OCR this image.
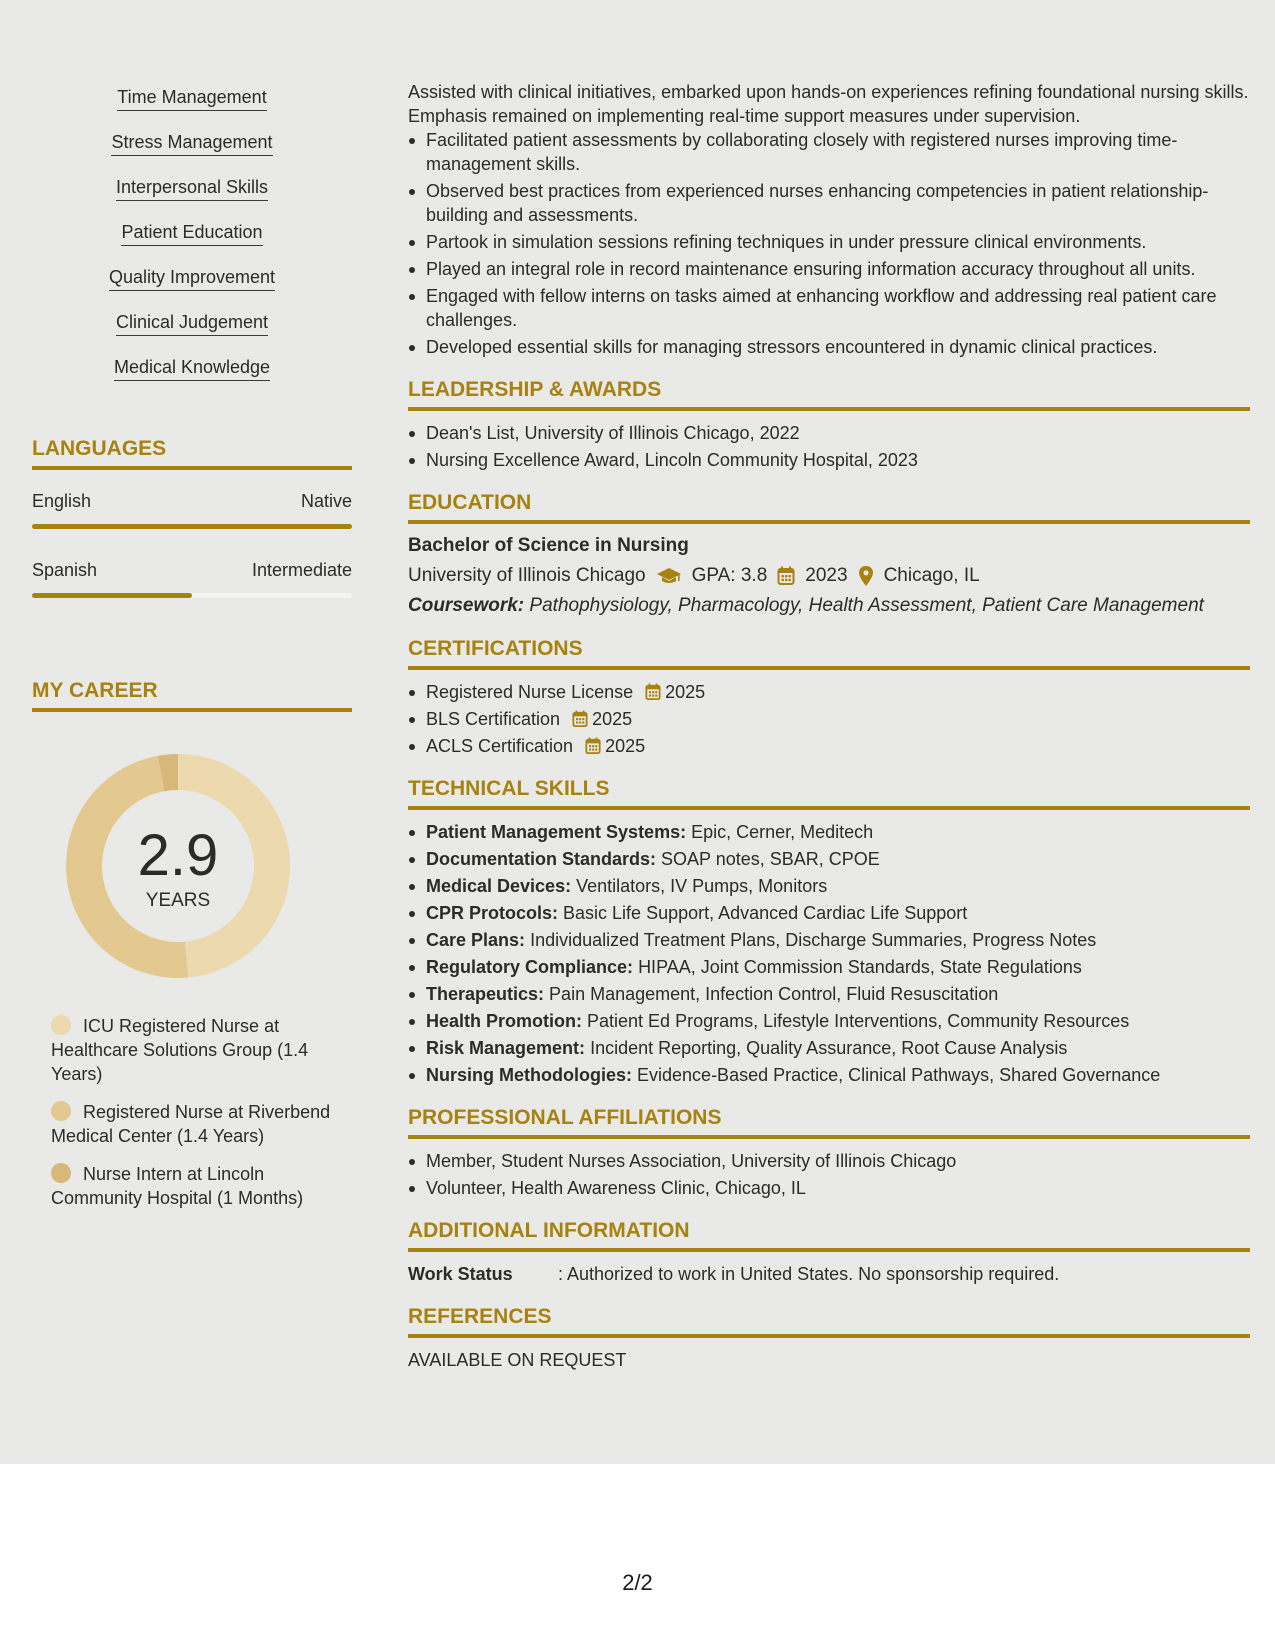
Time Management
Stress Management
Interpersonal Skills
Patient Education
Quality Improvement
Clinical Judgement
Medical Knowledge
LANGUAGES
English	Native
Spanish	Intermediate
MY CAREER
2.9
YEARS
ICU Registered Nurse at Healthcare Solutions Group (1.4 Years)
Registered Nurse at Riverbend Medical Center (1.4 Years)
Nurse Intern at Lincoln Community Hospital (1 Months)

Assisted with clinical initiatives, embarked upon hands-on experiences refining foundational nursing skills. Emphasis remained on implementing real-time support measures under supervision.

Facilitated patient assessments by collaborating closely with registered nurses improving time-management skills.
Observed best practices from experienced nurses enhancing competencies in patient relationship-building and assessments.
Partook in simulation sessions refining techniques in under pressure clinical environments.
Played an integral role in record maintenance ensuring information accuracy throughout all units.
Engaged with fellow interns on tasks aimed at enhancing workflow and addressing real patient care challenges.
Developed essential skills for managing stressors encountered in dynamic clinical practices.
LEADERSHIP & AWARDS
Dean's List, University of Illinois Chicago, 2022
Nursing Excellence Award, Lincoln Community Hospital, 2023
EDUCATION
Bachelor of Science in Nursing
University of Illinois Chicago GPA: 3.8 2023 Chicago, IL
Coursework: Pathophysiology, Pharmacology, Health Assessment, Patient Care Management
CERTIFICATIONS
Registered Nurse License 2025
BLS Certification 2025
ACLS Certification 2025
TECHNICAL SKILLS
Patient Management Systems: Epic, Cerner, Meditech
Documentation Standards: SOAP notes, SBAR, CPOE
Medical Devices: Ventilators, IV Pumps, Monitors
CPR Protocols: Basic Life Support, Advanced Cardiac Life Support
Care Plans: Individualized Treatment Plans, Discharge Summaries, Progress Notes
Regulatory Compliance: HIPAA, Joint Commission Standards, State Regulations
Therapeutics: Pain Management, Infection Control, Fluid Resuscitation
Health Promotion: Patient Ed Programs, Lifestyle Interventions, Community Resources
Risk Management: Incident Reporting, Quality Assurance, Root Cause Analysis
Nursing Methodologies: Evidence-Based Practice, Clinical Pathways, Shared Governance
PROFESSIONAL AFFILIATIONS
Member, Student Nurses Association, University of Illinois Chicago
Volunteer, Health Awareness Clinic, Chicago, IL
ADDITIONAL INFORMATION
Work Status	: Authorized to work in United States. No sponsorship required.
REFERENCES
AVAILABLE ON REQUEST
2/2
